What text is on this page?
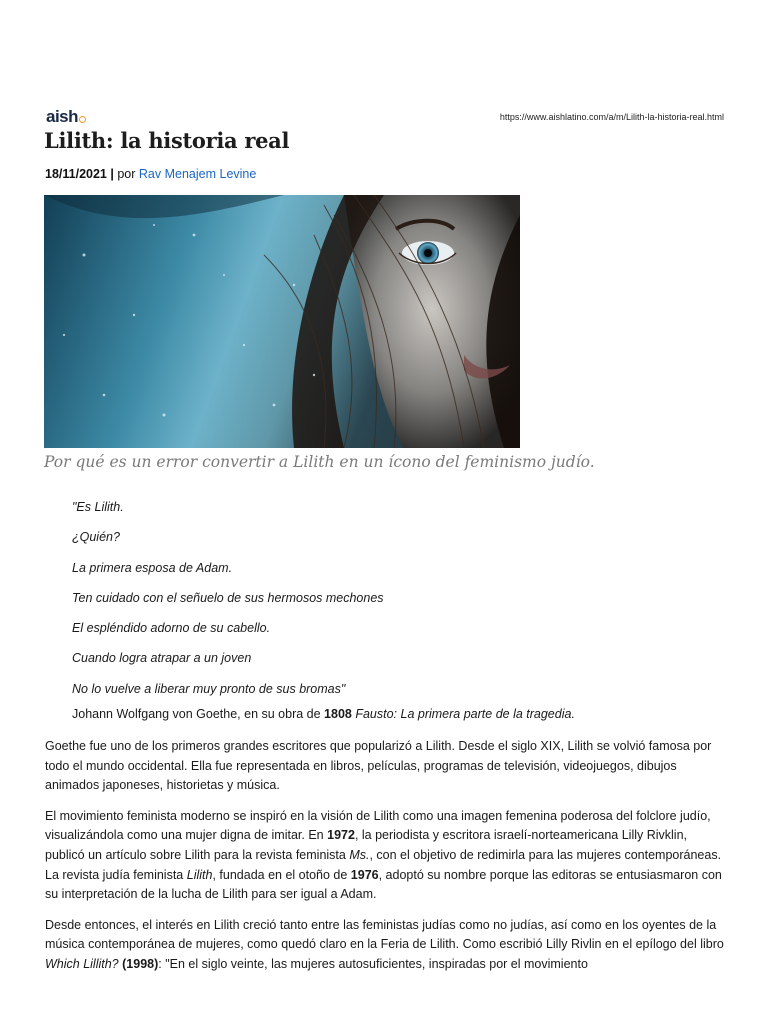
aish	https://www.aishlatino.com/a/m/Lilith-la-historia-real.html
Lilith: la historia real
18/11/2021 | por Rav Menajem Levine

Por qué es un error convertir a Lilith en un ícono del feminismo judío.

"Es Lilith.
¿Quién?
La primera esposa de Adam.
Ten cuidado con el señuelo de sus hermosos mechones
El espléndido adorno de su cabello.
Cuando logra atrapar a un joven
No lo vuelve a liberar muy pronto de sus bromas"
Johann Wolfgang von Goethe, en su obra de 1808 Fausto: La primera parte de la tragedia.

Goethe fue uno de los primeros grandes escritores que popularizó a Lilith. Desde el siglo XIX, Lilith se volvió famosa por todo el mundo occidental. Ella fue representada en libros, películas, programas de televisión, videojuegos, dibujos animados japoneses, historietas y música.

El movimiento feminista moderno se inspiró en la visión de Lilith como una imagen femenina poderosa del folclore judío, visualizándola como una mujer digna de imitar. En 1972, la periodista y escritora israelí-norteamericana Lilly Rivklin, publicó un artículo sobre Lilith para la revista feminista Ms., con el objetivo de redimirla para las mujeres contemporáneas. La revista judía feminista Lilith, fundada en el otoño de 1976, adoptó su nombre porque las editoras se entusiasmaron con su interpretación de la lucha de Lilith para ser igual a Adam.

Desde entonces, el interés en Lilith creció tanto entre las feministas judías como no judías, así como en los oyentes de la música contemporánea de mujeres, como quedó claro en la Feria de Lilith. Como escribió Lilly Rivlin en el epílogo del libro Which Lillith? (1998): "En el siglo veinte, las mujeres autosuficientes, inspiradas por el movimiento
